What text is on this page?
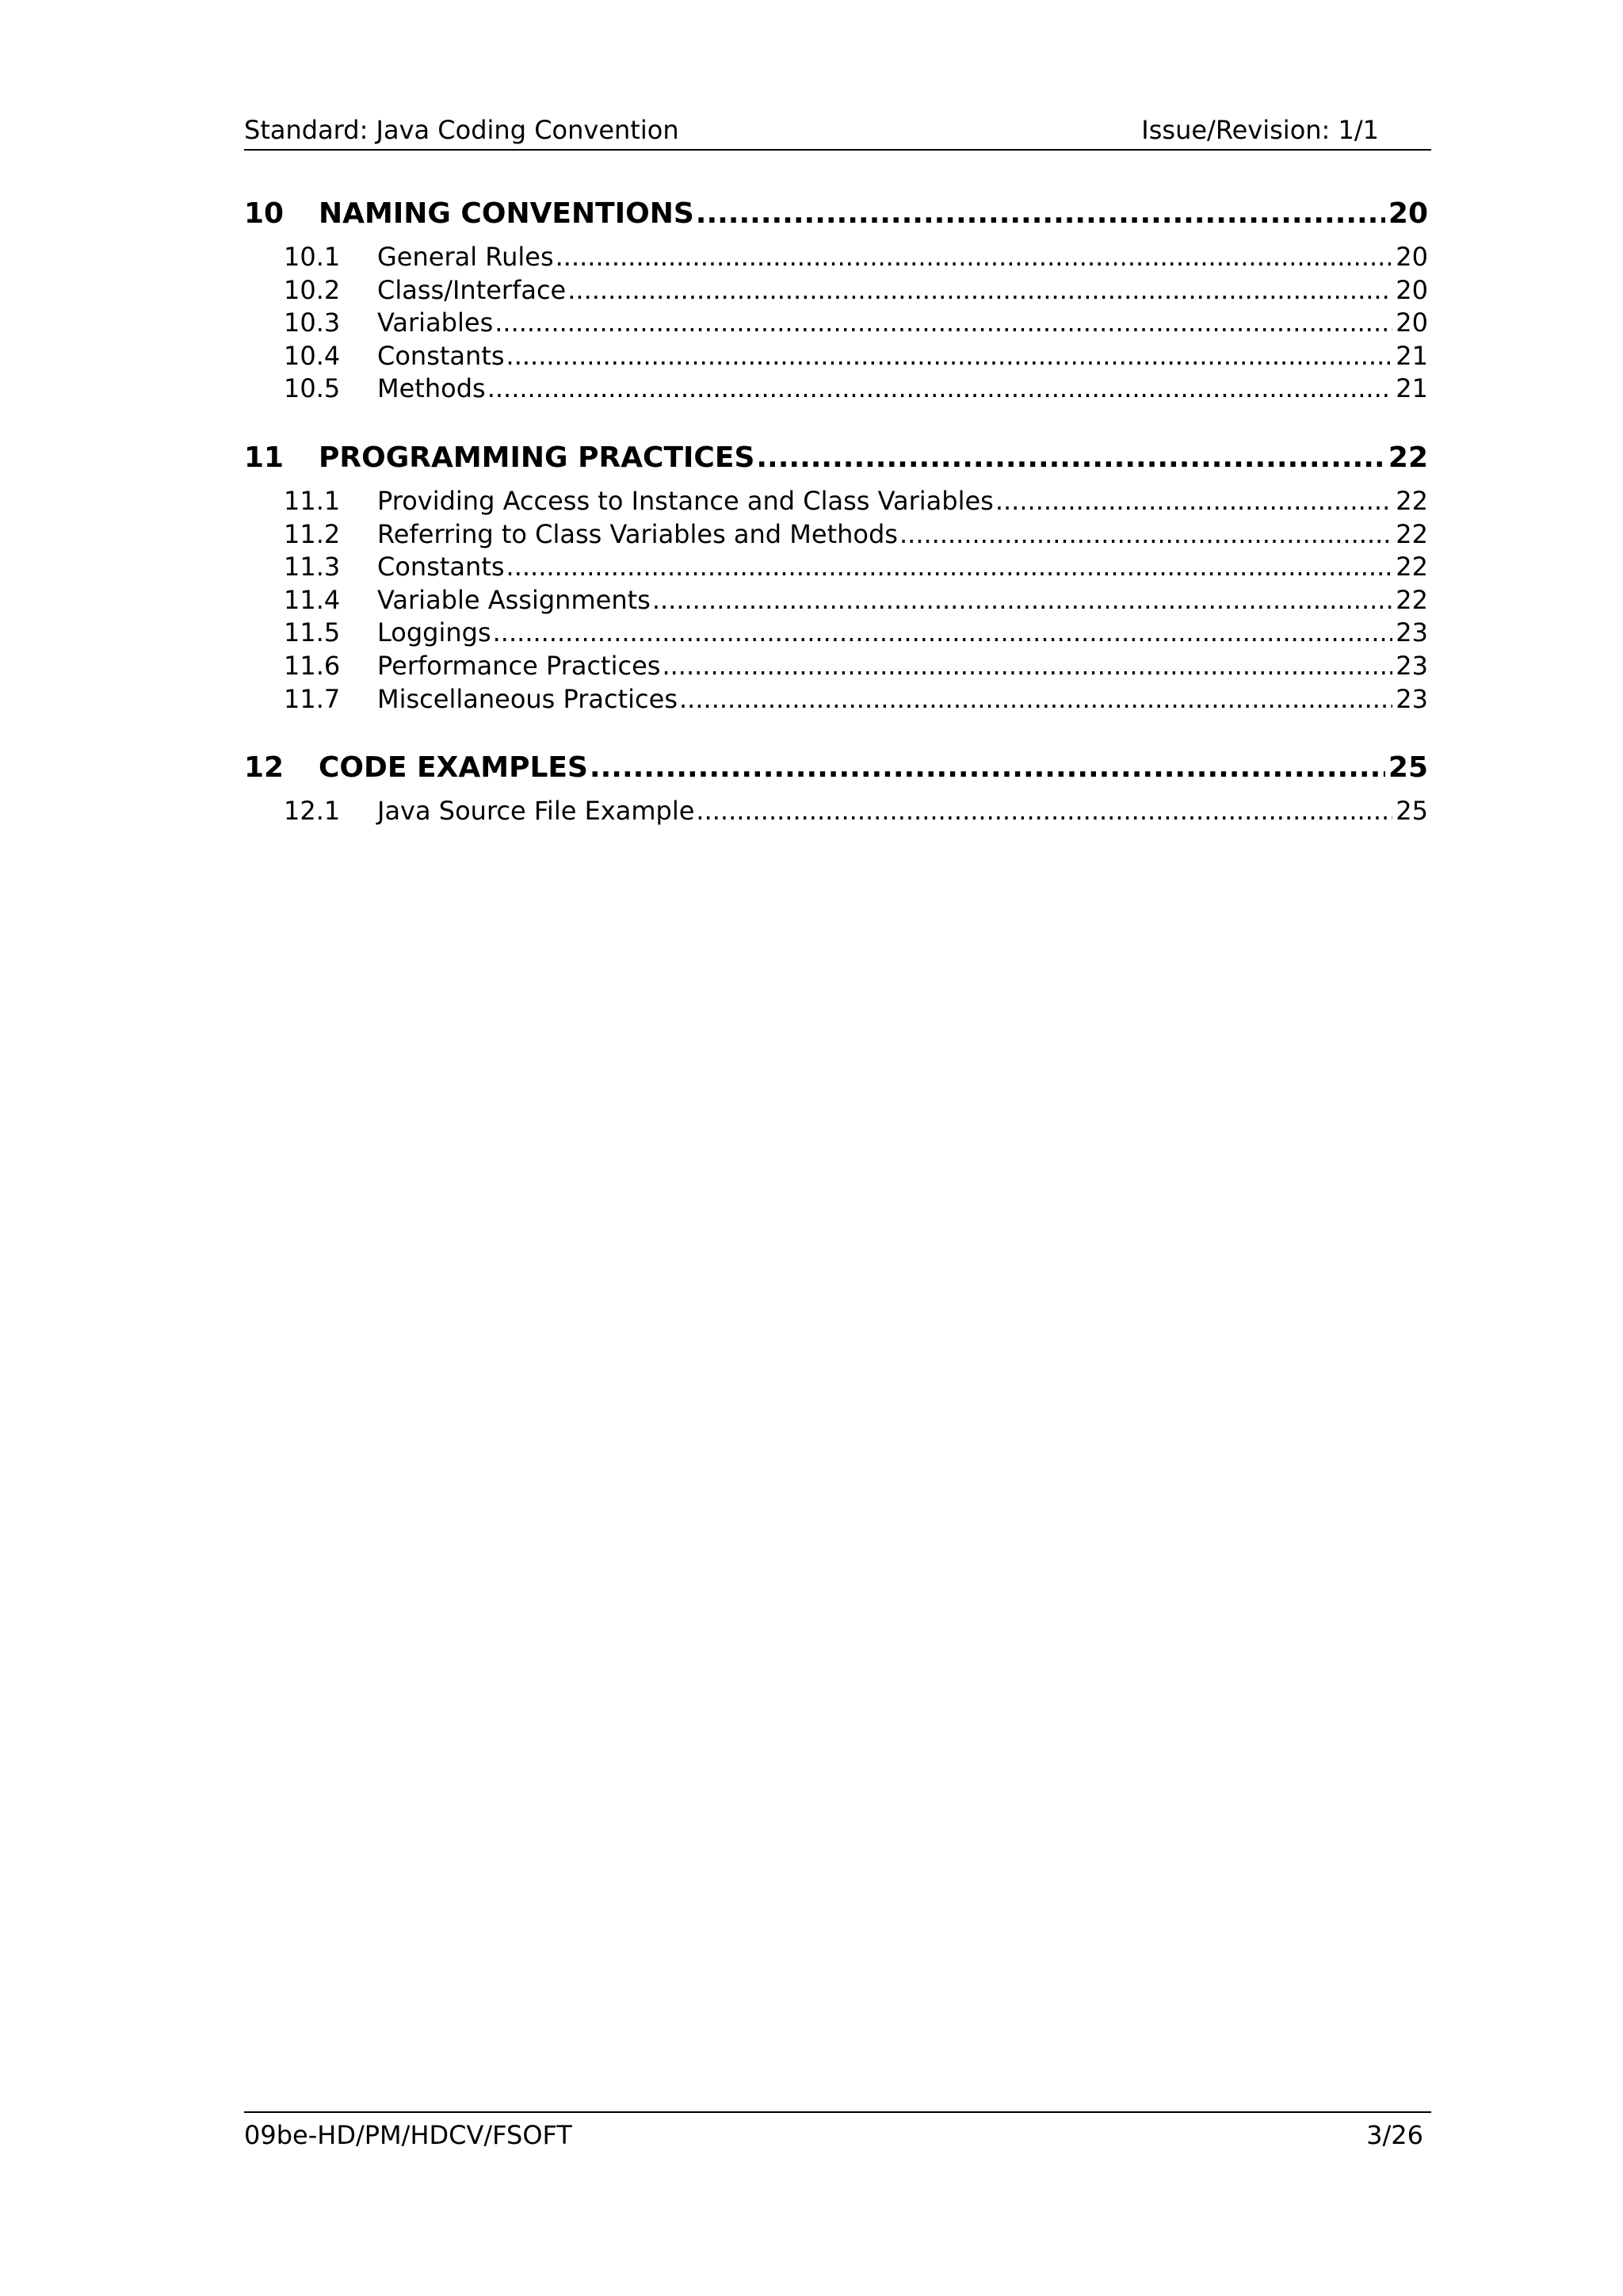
Standard: Java Coding Convention	Issue/Revision: 1/1
10	NAMING CONVENTIONS .....	20
10.1	General Rules .....	20
10.2	Class/Interface .....	20
10.3	Variables .....	20
10.4	Constants .....	21
10.5	Methods .....	21
11	PROGRAMMING PRACTICES .....	22
11.1	Providing Access to Instance and Class Variables .....	22
11.2	Referring to Class Variables and Methods .....	22
11.3	Constants .....	22
11.4	Variable Assignments .....	22
11.5	Loggings .....	23
11.6	Performance Practices .....	23
11.7	Miscellaneous Practices .....	23
12	CODE EXAMPLES .....	25
12.1	Java Source File Example .....	25
09be-HD/PM/HDCV/FSOFT	3/26
